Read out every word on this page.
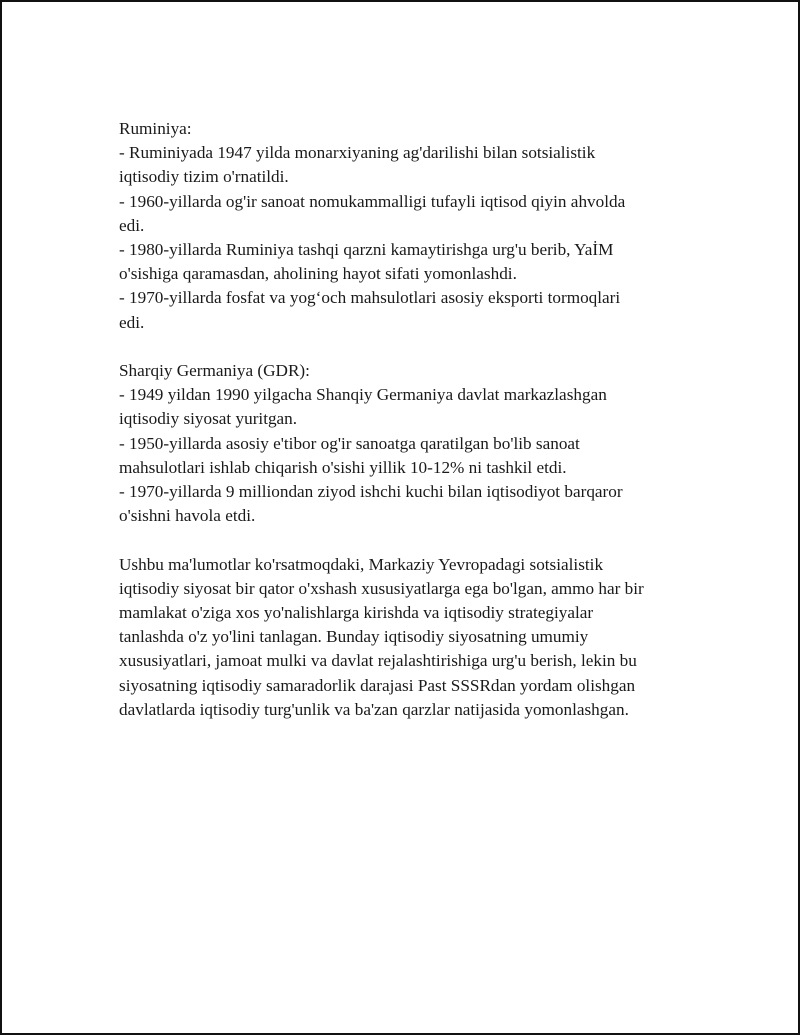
Ruminiya:
- Ruminiyada 1947 yilda monarxiyaning ag'darilishi bilan sotsialistik
iqtisodiy tizim o'rnatildi.
- 1960-yillarda og'ir sanoat nomukammalligi tufayli iqtisod qiyin ahvolda
edi.
- 1980-yillarda Ruminiya tashqi qarzni kamaytirishga urg'u berib, YaİM
o'sishiga qaramasdan, aholining hayot sifati yomonlashdi.
- 1970-yillarda fosfat va yog‘och mahsulotlari asosiy eksporti tormoqlari
edi.
Sharqiy Germaniya (GDR):
- 1949 yildan 1990 yilgacha Shanqiy Germaniya davlat markazlashgan
iqtisodiy siyosat yuritgan.
- 1950-yillarda asosiy e'tibor og'ir sanoatga qaratilgan bo'lib sanoat
mahsulotlari ishlab chiqarish o'sishi yillik 10-12% ni tashkil etdi.
- 1970-yillarda 9 milliondan ziyod ishchi kuchi bilan iqtisodiyot barqaror
o'sishni havola etdi.
Ushbu ma'lumotlar ko'rsatmoqdaki, Markaziy Yevropadagi sotsialistik
iqtisodiy siyosat bir qator o'xshash xususiyatlarga ega bo'lgan, ammo har bir
mamlakat o'ziga xos yo'nalishlarga kirishda va iqtisodiy strategiyalar
tanlashda o'z yo'lini tanlagan. Bunday iqtisodiy siyosatning umumiy
xususiyatlari, jamoat mulki va davlat rejalashtirishiga urg'u berish, lekin bu
siyosatning iqtisodiy samaradorlik darajasi Past SSSRdan yordam olishgan
davlatlarda iqtisodiy turg'unlik va ba'zan qarzlar natijasida yomonlashgan.
